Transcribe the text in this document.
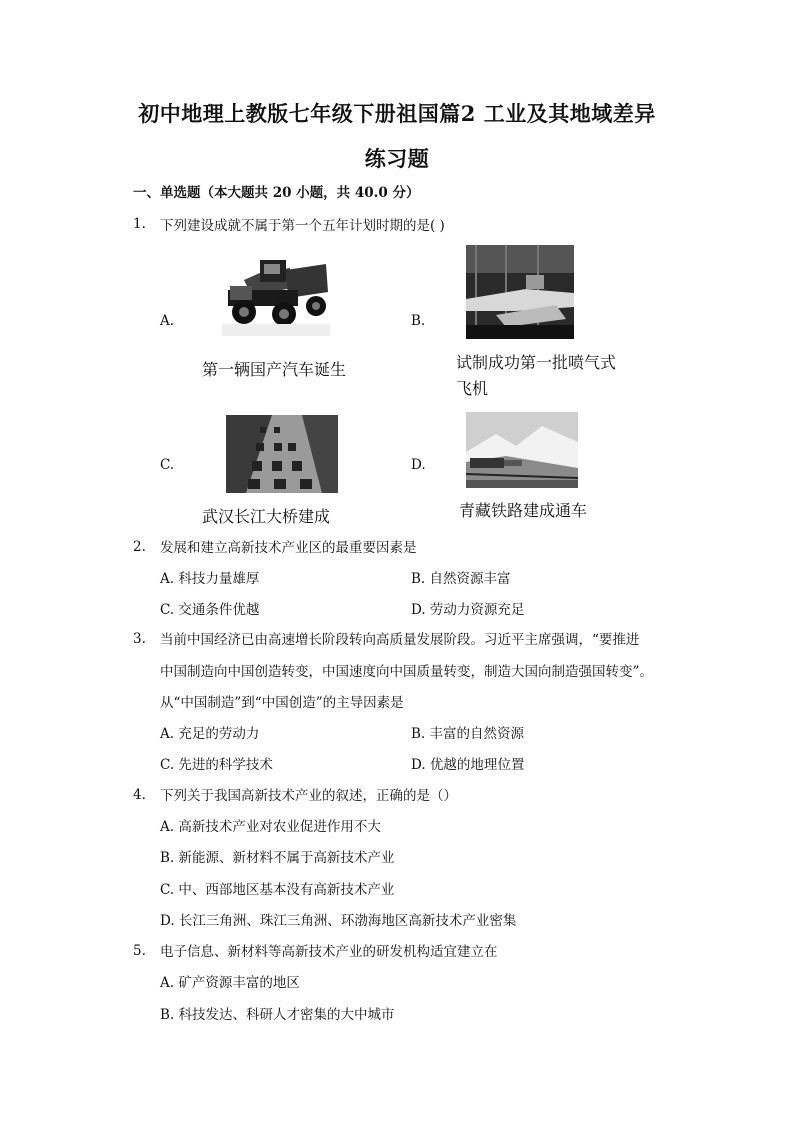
初中地理上教版七年级下册祖国篇2 工业及其地域差异
练习题
一、单选题（本大题共 20 小题，共 40.0 分）
1. 下列建设成就不属于第一个五年计划时期的是( )
A.
第一辆国产汽车诞生
B.
试制成功第一批喷气式
飞机
C.
武汉长江大桥建成
D.
青藏铁路建成通车
2. 发展和建立高新技术产业区的最重要因素是
A. 科技力量雄厚	B. 自然资源丰富
C. 交通条件优越	D. 劳动力资源充足
3. 当前中国经济已由高速增长阶段转向高质量发展阶段。习近平主席强调，“要推进
中国制造向中国创造转变，中国速度向中国质量转变，制造大国向制造强国转变”。
从“中国制造”到“中国创造”的主导因素是
A. 充足的劳动力	B. 丰富的自然资源
C. 先进的科学技术	D. 优越的地理位置
4. 下列关于我国高新技术产业的叙述，正确的是（）
A. 高新技术产业对农业促进作用不大
B. 新能源、新材料不属于高新技术产业
C. 中、西部地区基本没有高新技术产业
D. 长江三角洲、珠江三角洲、环渤海地区高新技术产业密集
5. 电子信息、新材料等高新技术产业的研发机构适宜建立在
A. 矿产资源丰富的地区
B. 科技发达、科研人才密集的大中城市
